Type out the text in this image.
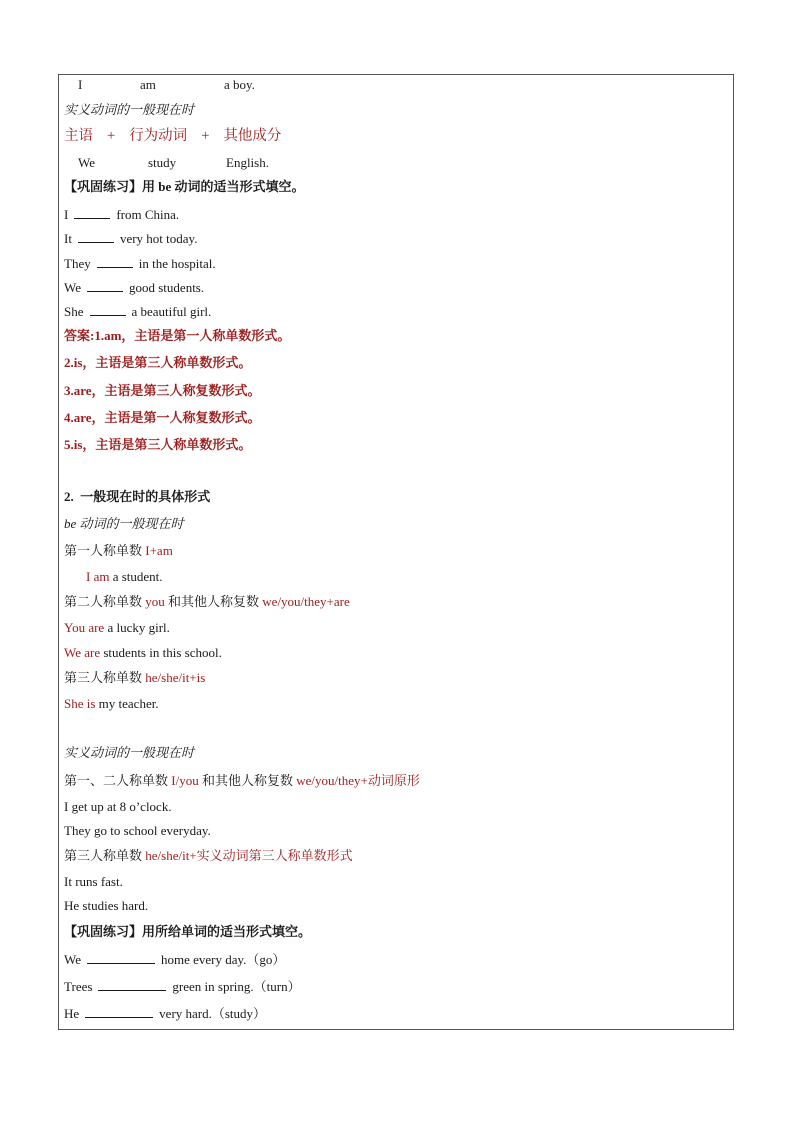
I	am	a boy.
实义动词的一般现在时
主语 + 行为动词 + 其他成分
We	study	English.
【巩固练习】用 be 动词的适当形式填空。
I	from China.
It	very hot today.
They	in the hospital.
We	good students.
She	a beautiful girl.
答案:1.am，主语是第一人称单数形式。
2.is，主语是第三人称单数形式。
3.are，主语是第三人称复数形式。
4.are，主语是第一人称复数形式。
5.is，主语是第三人称单数形式。
2.  一般现在时的具体形式
be 动词的一般现在时
第一人称单数 I+am
I am a student.
第二人称单数 you 和其他人称复数 we/you/they+are
You are a lucky girl.
We are students in this school.
第三人称单数 he/she/it+is
She is my teacher.
实义动词的一般现在时
第一、二人称单数 I/you 和其他人称复数 we/you/they+动词原形
I get up at 8 o’clock.
They go to school everyday.
第三人称单数 he/she/it+实义动词第三人称单数形式
It runs fast.
He studies hard.
【巩固练习】用所给单词的适当形式填空。
We	home every day.（go）
Trees	green in spring.（turn）
He	very hard.（study）
